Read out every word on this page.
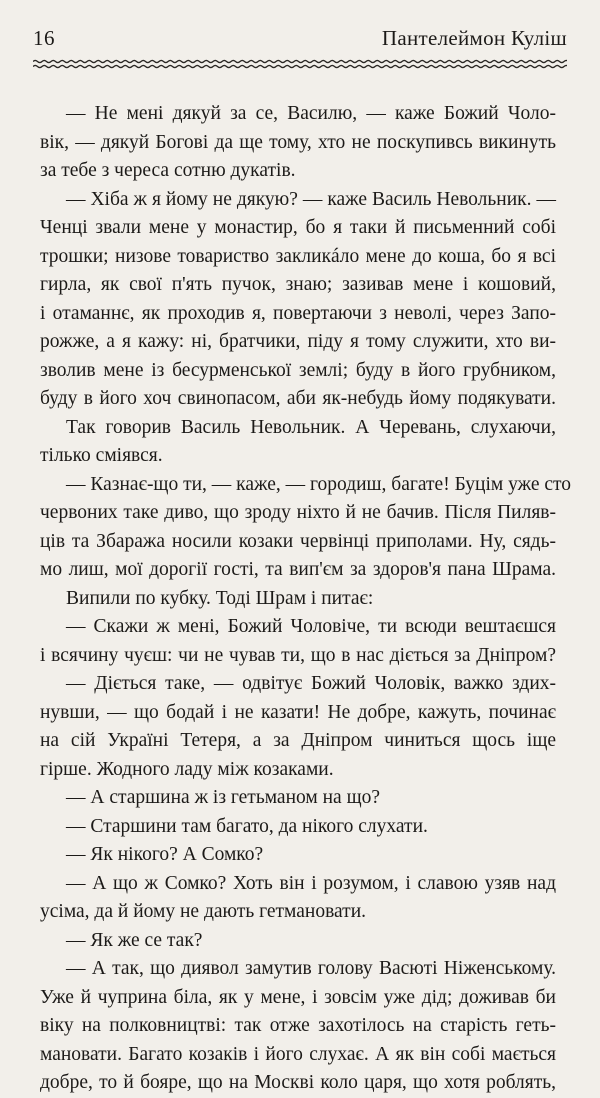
16	Пантелеймон Куліш
— Не мені дякуй за се, Василю, — каже Божий Чоло-
вік, — дякуй Богові да ще тому, хто не поскупивсь викинуть
за тебе з череса сотню дукатів.
— Хіба ж я йому не дякую? — каже Василь Невольник. —
Ченці звали мене у монастир, бо я таки й письменний собі
трошки; низове товариство закликáло мене до коша, бо я всі
гирла, як свої п'ять пучок, знаю; зазивав мене і кошовий,
і отаманнє, як проходив я, повертаючи з неволі, через Запо-
рожже, а я кажу: ні, братчики, піду я тому служити, хто ви-
зволив мене із бесурменської землі; буду в його грубником,
буду в його хоч свинопасом, аби як-небудь йому подякувати.
Так говорив Василь Невольник. А Черевань, слухаючи,
тілько сміявся.
— Казнає-що ти, — каже, — городиш, багате! Буцім уже сто
червоних таке диво, що зроду ніхто й не бачив. Після Пиляв-
ців та Збаража носили козаки червінці приполами. Ну, сядь-
мо лиш, мої дорогії гості, та вип'єм за здоров'я пана Шрама.
Випили по кубку. Тоді Шрам і питає:
— Скажи ж мені, Божий Чоловіче, ти всюди вештаєшся
і всячину чуєш: чи не чував ти, що в нас діється за Дніпром?
— Діється таке, — одвітує Божий Чоловік, важко здих-
нувши, — що бодай і не казати! Не добре, кажуть, починає
на сій Україні Тетеря, а за Дніпром чиниться щось іще
гірше. Жодного ладу між козаками.
— А старшина ж із гетьманом на що?
— Старшини там багато, да нікого слухати.
— Як нікого? А Сомко?
— А що ж Сомко? Хоть він і розумом, і славою узяв над
усіма, да й йому не дають гетмановати.
— Як же се так?
— А так, що диявол замутив голову Васюті Ніженському.
Уже й чуприна біла, як у мене, і зовсім уже дід; доживав би
віку на полковництві: так отже захотілось на старість геть-
мановати. Багато козаків і його слухає. А як він собі мається
добре, то й бояре, що на Москві коло царя, що хотя роблять,
